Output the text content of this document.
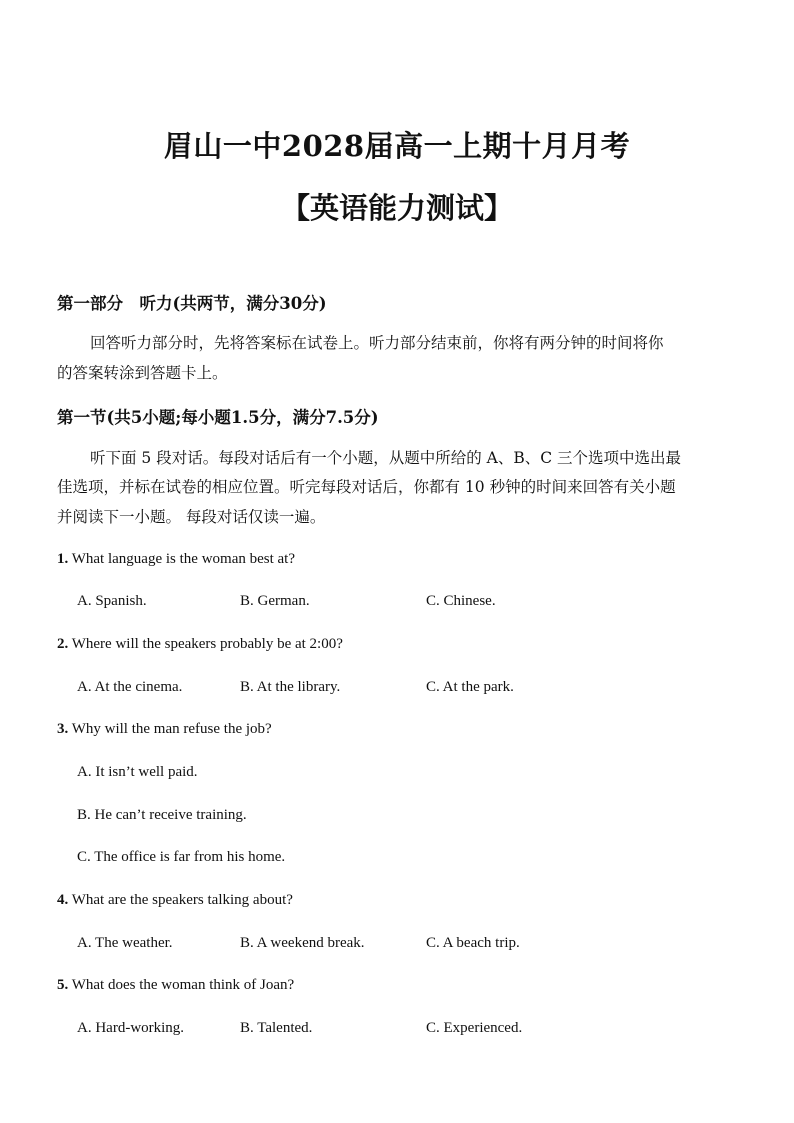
眉山一中2028届高一上期十月月考
【英语能力测试】
第一部分　听力(共两节，满分30分)
回答听力部分时，先将答案标在试卷上。听力部分结束前，你将有两分钟的时间将你
的答案转涂到答题卡上。
第一节(共5小题;每小题1.5分，满分7.5分)
听下面 5 段对话。每段对话后有一个小题，从题中所给的 A、B、C 三个选项中选出最
佳选项，并标在试卷的相应位置。听完每段对话后，你都有 10 秒钟的时间来回答有关小题
并阅读下一小题。 每段对话仅读一遍。
1. What language is the woman best at?
A. Spanish.	B. German.	C. Chinese.
2. Where will the speakers probably be at 2:00?
A. At the cinema.	B. At the library.	C. At the park.
3. Why will the man refuse the job?
A. It isn’t well paid.
B. He can’t receive training.
C. The office is far from his home.
4. What are the speakers talking about?
A. The weather.	B. A weekend break.	C. A beach trip.
5. What does the woman think of Joan?
A. Hard-working.	B. Talented.	C. Experienced.
